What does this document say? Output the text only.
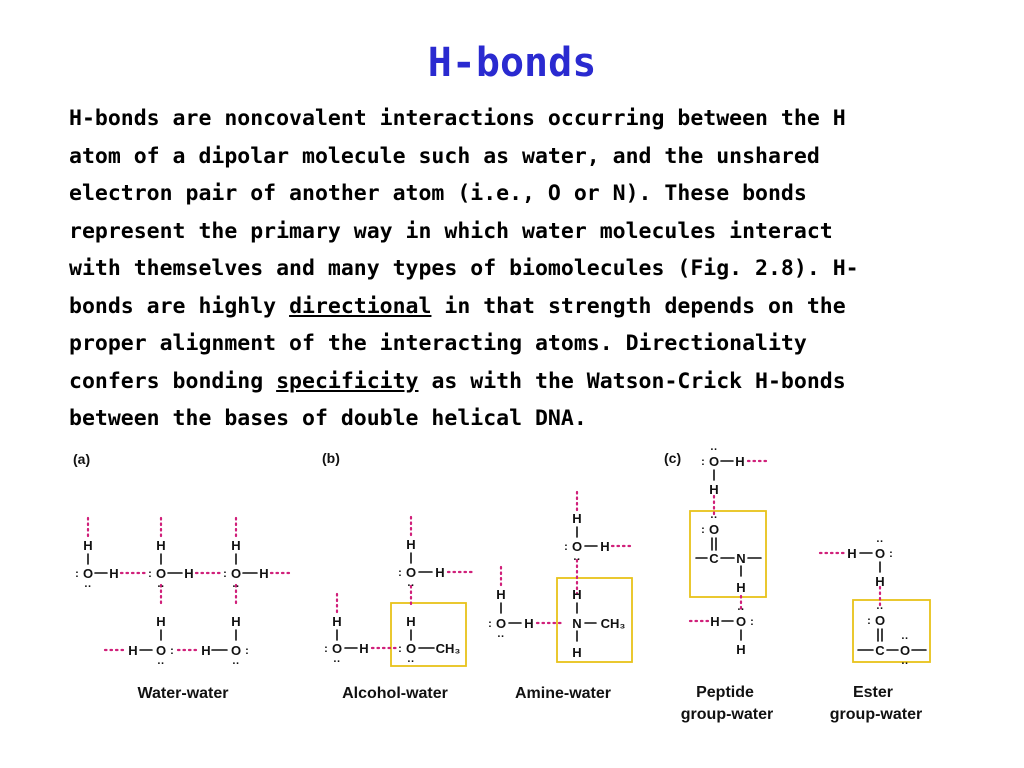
H-bonds
H-bonds are noncovalent interactions occurring between the H
atom of a dipolar molecule such as water, and the unshared
electron pair of another atom (i.e., O or N). These bonds
represent the primary way in which water molecules interact
with themselves and many types of biomolecules (Fig. 2.8). H-
bonds are highly directional in that strength depends on the
proper alignment of the interacting atoms. Directionality
confers bonding specificity as with the Watson-Crick H-bonds
between the bases of double helical DNA.
(a)	(b)	(c)
H	H	H
O H	O H	O H
H	H
H O	H O
:
··
:
··
:
··
:
··
:
··
H
O H
H
O CH₃
H
O H
:
··
:
··
:
··
H
O H
H
N CH₃
H
H
O H
:
··
:
··
O H
H
O
C N
H
H O
H
··
:
··
:
:
··
H O
H
O
C O
:
··
:
··
··
··
Water-water	Alcohol-water	Amine-water	Peptide
group-water
Ester
group-water
